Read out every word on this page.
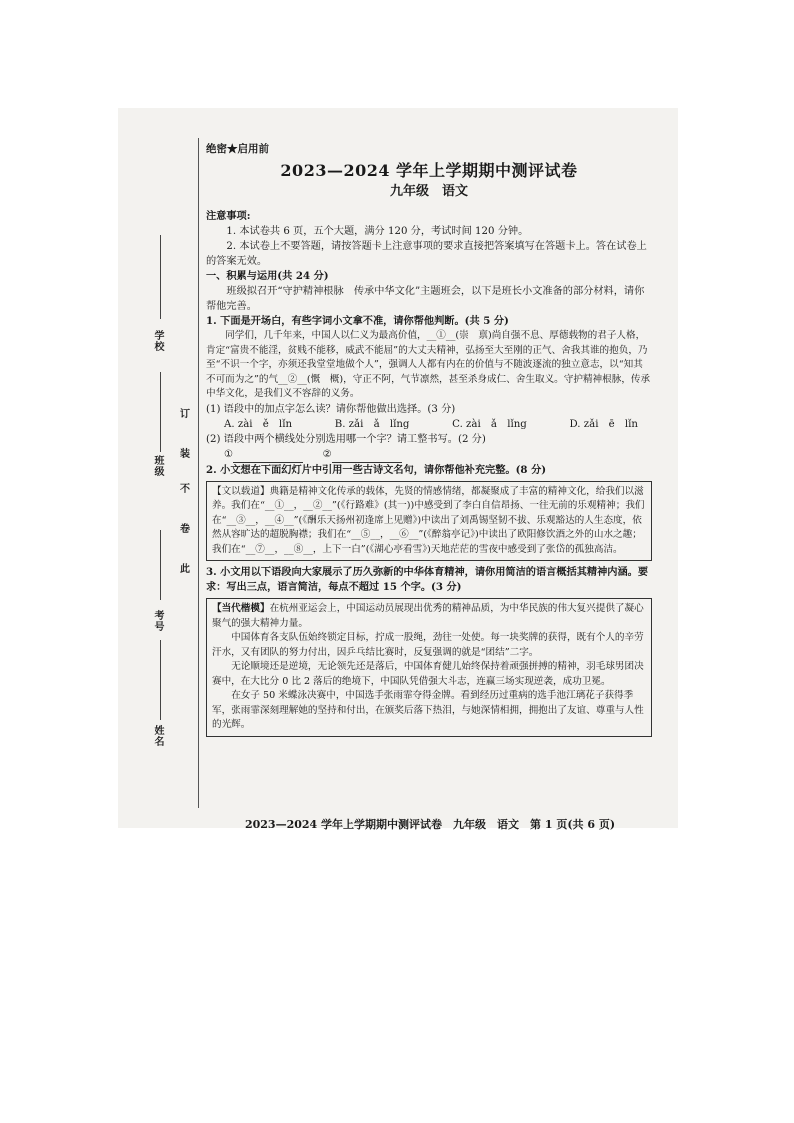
学校
班级
考号
姓名
订
装
不
卷
此
绝密★启用前
2023—2024 学年上学期期中测评试卷
九年级　语文

注意事项:

1. 本试卷共 6 页，五个大题，满分 120 分，考试时间 120 分钟。

2. 本试卷上不要答题，请按答题卡上注意事项的要求直接把答案填写在答题卡上。答在试卷上的答案无效。

一、积累与运用(共 24 分)

班级拟召开“守护精神根脉　传承中华文化”主题班会，以下是班长小文准备的部分材料，请你帮他完善。

1. 下面是开场白，有些字词小文拿不准，请你帮他判断。(共 5 分)

同学们，几千年来，中国人以仁义为最高价值，__①__(崇　禀)尚自强不息、厚德载物的君子人格，肯定“富贵不能淫，贫贱不能移，威武不能屈”的大丈夫精神，弘扬至大至刚的正气、舍我其谁的抱负，乃至“不识一个字，亦须还我堂堂地做个人”，强调人人都有内在的价值与不随波逐流的独立意志，以“知其不可而为之”的气__②__(慨　概)，守正不阿，气节凛然，甚至杀身成仁、舍生取义。守护精神根脉，传承中华文化，是我们义不容辞的义务。

(1) 语段中的加点字怎么读？请你帮他做出选择。(3 分)

A. zài　ě　lǐn	B. zǎi　ǎ　lǐng	C. zài　ǎ　lǐng	D. zǎi　ē　lǐn

(2) 语段中两个横线处分别选用哪一个字？请工整书写。(2 分)

①	②

2. 小文想在下面幻灯片中引用一些古诗文名句，请你帮他补充完整。(8 分)

【文以载道】典籍是精神文化传承的载体，先贤的情感情绪，都凝聚成了丰富的精神文化，给我们以滋养。我们在“__①__，__②__”(《行路难》(其一))中感受到了李白自信昂扬、一往无前的乐观精神；我们在“__③__，__④__”(《酬乐天扬州初逢席上见赠》)中读出了刘禹锡坚韧不拔、乐观豁达的人生态度，依然从容旷达的超脱胸襟；我们在“__⑤__，__⑥__”(《醉翁亭记》)中读出了欧阳修饮酒之外的山水之趣；我们在“__⑦__，__⑧__，上下一白”(《湖心亭看雪》)天地茫茫的雪夜中感受到了张岱的孤独高洁。

3. 小文用以下语段向大家展示了历久弥新的中华体育精神，请你用简洁的语言概括其精神内涵。要求：写出三点，语言简洁，每点不超过 15 个字。(3 分)

【当代楷模】在杭州亚运会上，中国运动员展现出优秀的精神品质，为中华民族的伟大复兴提供了凝心聚气的强大精神力量。

中国体育各支队伍始终锁定目标，拧成一股绳，劲往一处使。每一块奖牌的获得，既有个人的辛劳汗水，又有团队的努力付出，因乒乓结比赛时，反复强调的就是“团结”二字。

无论顺境还是逆境，无论领先还是落后，中国体育健儿始终保持着顽强拼搏的精神，羽毛球男团决赛中，在大比分 0 比 2 落后的绝境下，中国队凭借强大斗志，连赢三场实现逆袭，成功卫冕。

在女子 50 米蝶泳决赛中，中国选手张雨霏夺得金牌。看到经历过重病的选手池江璃花子获得季军，张雨霏深刻理解她的坚持和付出，在颁奖后落下热泪，与她深情相拥，拥抱出了友谊、尊重与人性的光辉。

2023—2024 学年上学期期中测评试卷　九年级　语文　第 1 页(共 6 页)
